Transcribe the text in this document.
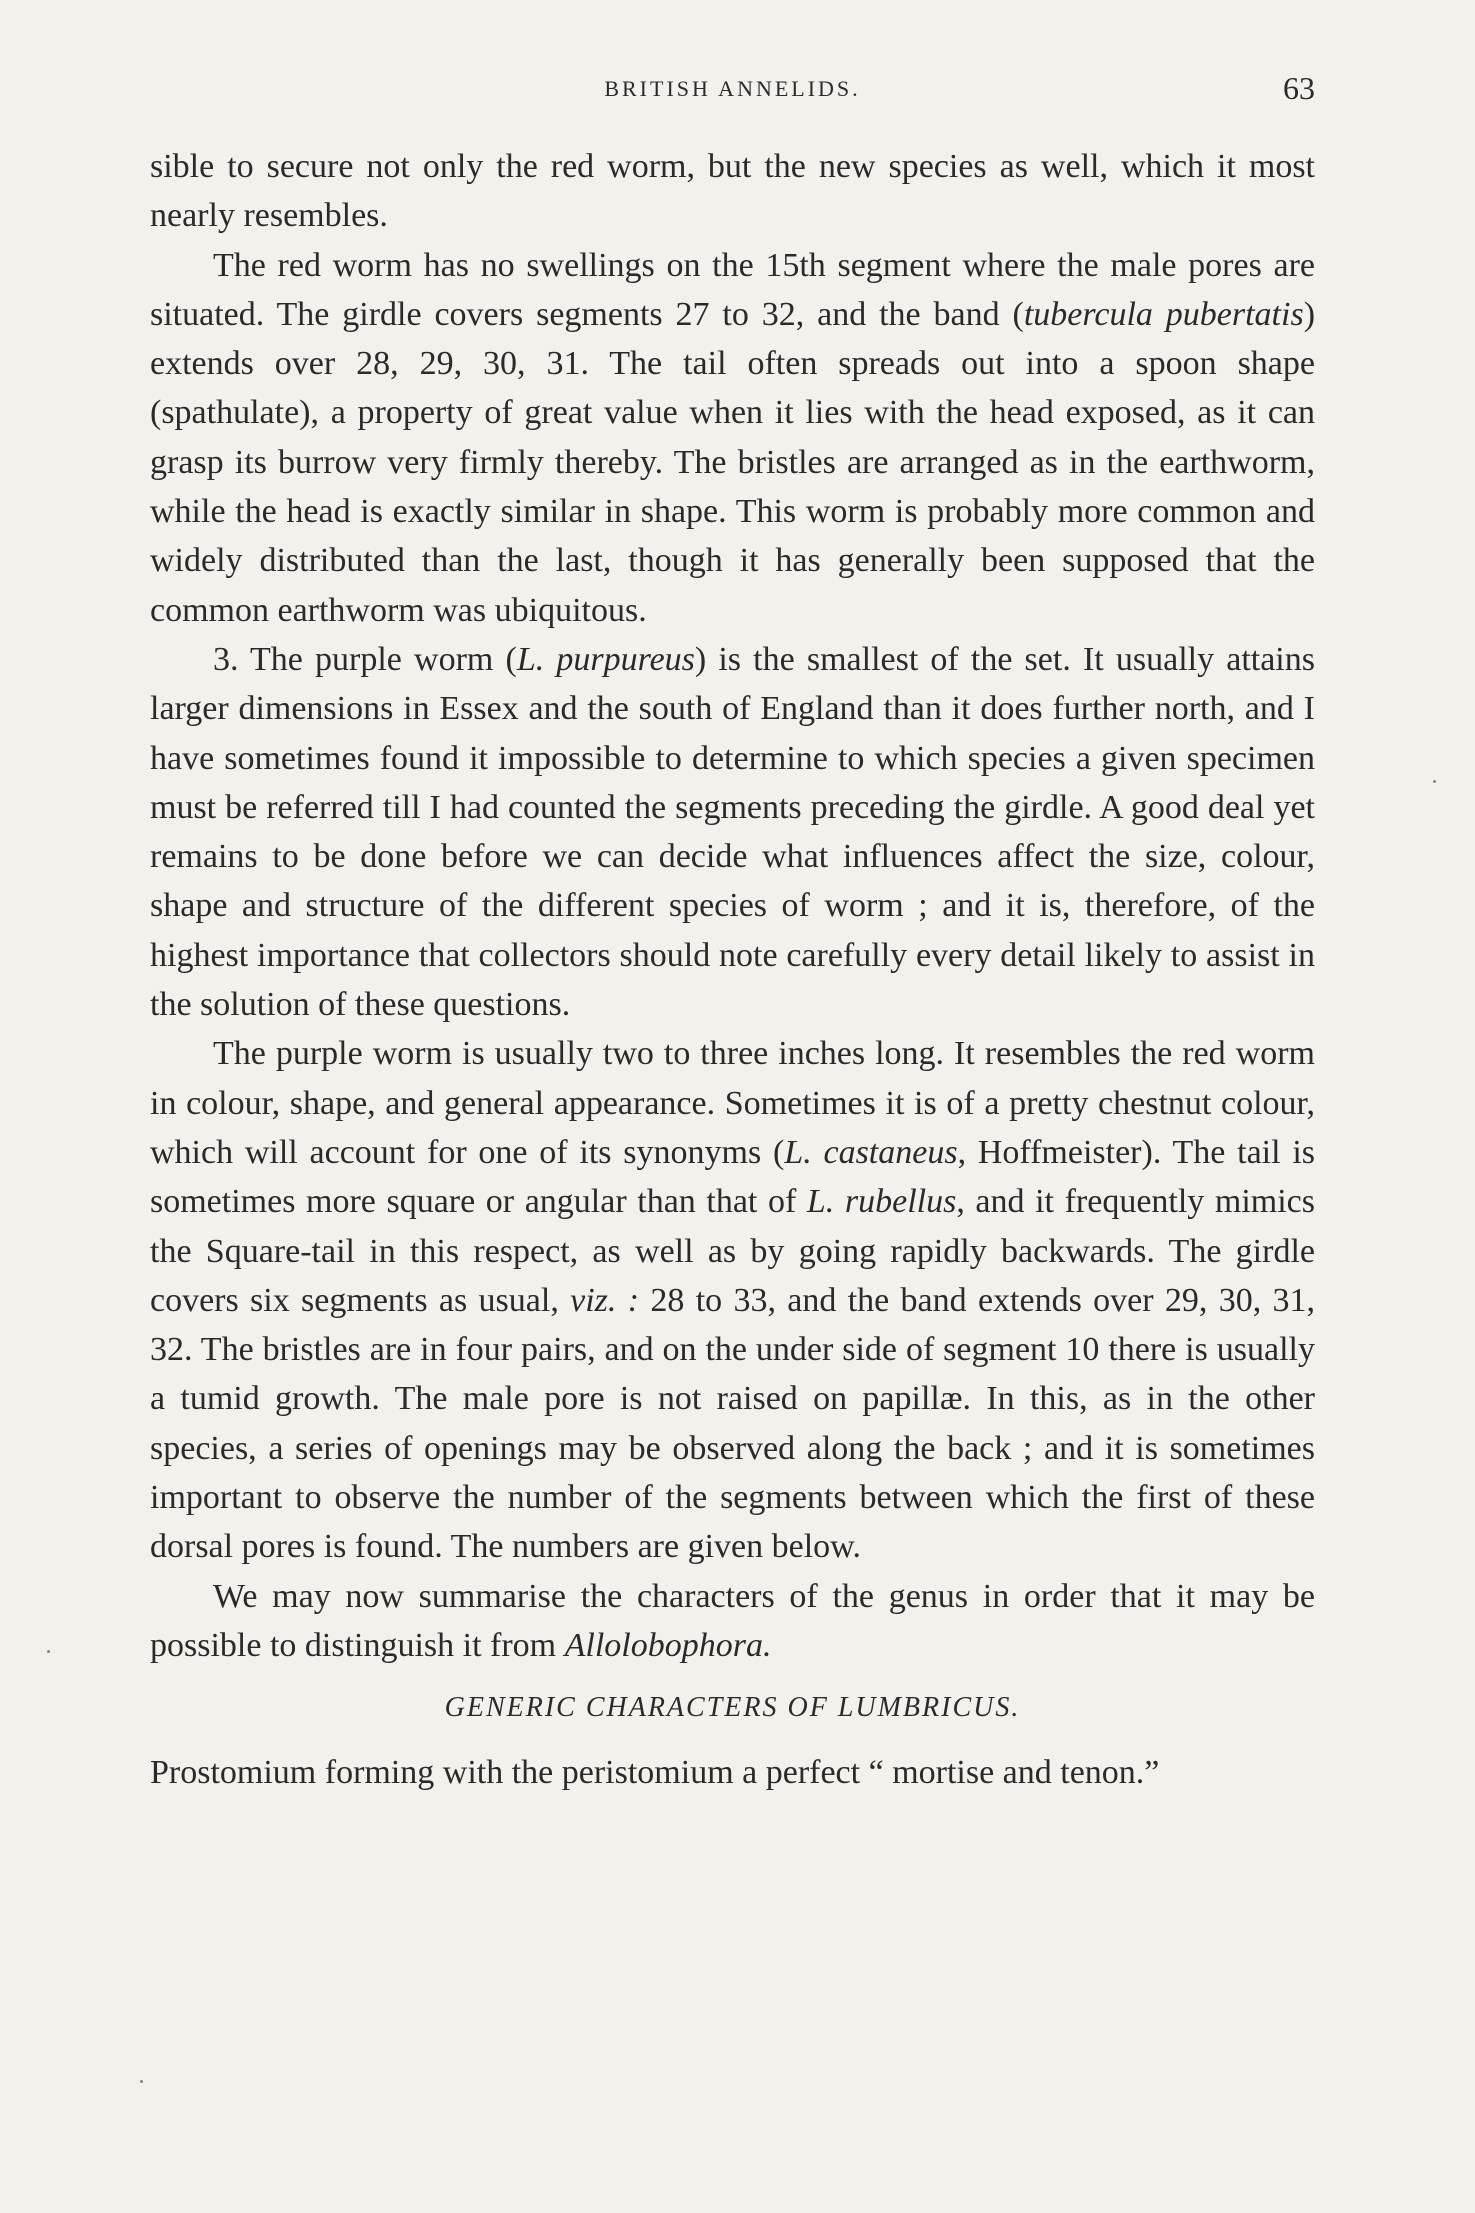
BRITISH ANNELIDS.	63

sible to secure not only the red worm, but the new species as well, which it most nearly resembles.

The red worm has no swellings on the 15th segment where the male pores are situated. The girdle covers segments 27 to 32, and the band (tubercula pubertatis) extends over 28, 29, 30, 31. The tail often spreads out into a spoon shape (spathulate), a property of great value when it lies with the head exposed, as it can grasp its burrow very firmly thereby. The bristles are arranged as in the earthworm, while the head is exactly similar in shape. This worm is probably more common and widely distributed than the last, though it has generally been supposed that the common earthworm was ubiquitous.

3. The purple worm (L. purpureus) is the smallest of the set. It usually attains larger dimensions in Essex and the south of England than it does further north, and I have sometimes found it impossible to determine to which species a given specimen must be referred till I had counted the segments preceding the girdle. A good deal yet remains to be done before we can decide what influences affect the size, colour, shape and structure of the different species of worm ; and it is, therefore, of the highest importance that collectors should note carefully every detail likely to assist in the solution of these questions.

The purple worm is usually two to three inches long. It resembles the red worm in colour, shape, and general appearance. Sometimes it is of a pretty chestnut colour, which will account for one of its synonyms (L. castaneus, Hoffmeister). The tail is sometimes more square or angular than that of L. rubellus, and it frequently mimics the Square-tail in this respect, as well as by going rapidly backwards. The girdle covers six segments as usual, viz. : 28 to 33, and the band extends over 29, 30, 31, 32. The bristles are in four pairs, and on the under side of segment 10 there is usually a tumid growth. The male pore is not raised on papillæ. In this, as in the other species, a series of openings may be observed along the back ; and it is sometimes important to observe the number of the segments between which the first of these dorsal pores is found. The numbers are given below.

We may now summarise the characters of the genus in order that it may be possible to distinguish it from Allolobophora.

GENERIC CHARACTERS OF LUMBRICUS.

Prostomium forming with the peristomium a perfect “ mortise and tenon.”
